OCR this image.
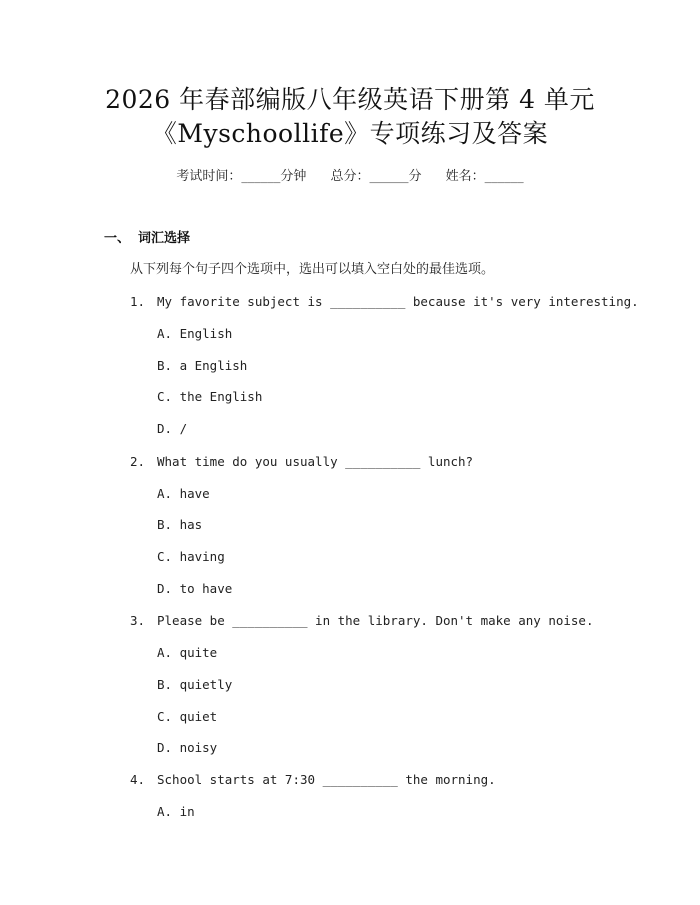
2026 年春部编版八年级英语下册第 4 单元
《Myschoollife》专项练习及答案
考试时间：______分钟 总分：______分 姓名：______
一、 词汇选择
从下列每个句子四个选项中，选出可以填入空白处的最佳选项。
1. My favorite subject is __________ because it's very interesting.
A. English
B. a English
C. the English
D. /
2. What time do you usually __________ lunch?
A. have
B. has
C. having
D. to have
3. Please be __________ in the library. Don't make any noise.
A. quite
B. quietly
C. quiet
D. noisy
4. School starts at 7:30 __________ the morning.
A. in
